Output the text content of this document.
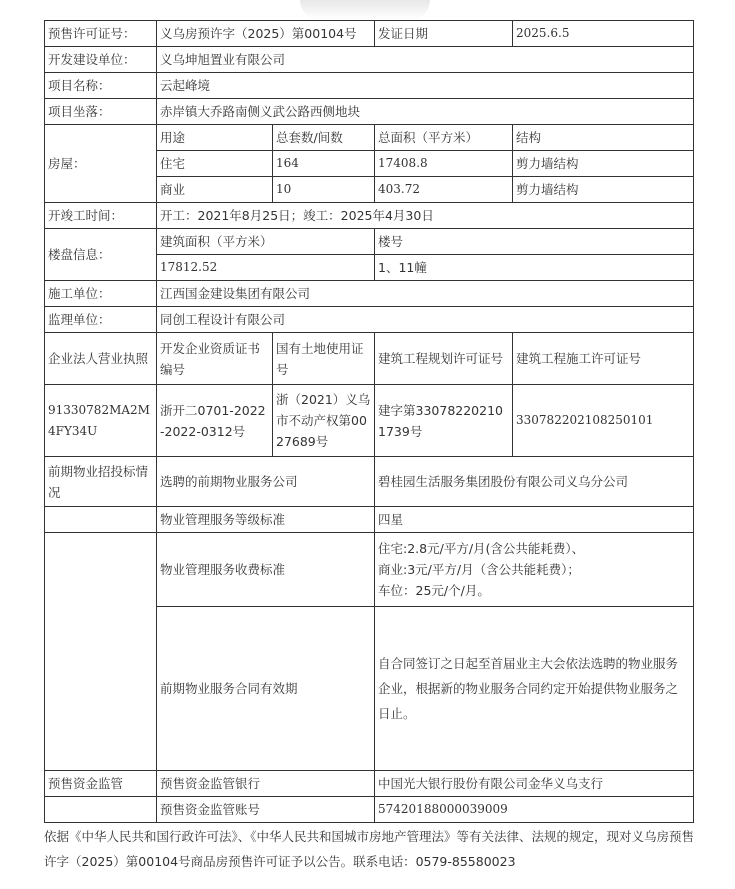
预售许可证号：	义乌房预许字（2025）第00104号		发证日期	2025.6.5
开发建设单位：	义乌坤旭置业有限公司			
项目名称：	云起峰境			
项目坐落：	赤岸镇大乔路南侧义武公路西侧地块			
房屋：	用途	总套数/间数	总面积（平方米）	结构
	住宅	164	17408.8	剪力墙结构
	商业	10	403.72	剪力墙结构
开竣工时间：	开工：2021年8月25日；竣工：2025年4月30日			
楼盘信息：	建筑面积（平方米）		楼号	
	17812.52		1、11幢	
施工单位：	江西国金建设集团有限公司			
监理单位：	同创工程设计有限公司			
企业法人营业执照	开发企业资质证书编号	国有土地使用证号	建筑工程规划许可证号	建筑工程施工许可证号
91330782MA2M4FY34U	浙开二0701-2022-2022-0312号	浙（2021）义乌市不动产权第0027689号	建字第330782202101739号	330782202108250101
前期物业招投标情况	选聘的前期物业服务公司		碧桂园生活服务集团股份有限公司义乌分公司	
	物业管理服务等级标准		四星	
	物业管理服务收费标准		住宅:2.8元/平方/月(含公共能耗费）、
商业:3元/平方/月（含公共能耗费）；
车位：25元/个/月。	

	前期物业服务合同有效期		自合同签订之日起至首届业主大会依法选聘的物业服务企业，根据新的物业服务合同约定开始提供物业服务之日止。	
预售资金监管	预售资金监管银行		中国光大银行股份有限公司金华义乌支行	
	预售资金监管账号		57420188000039009	
依据《中华人民共和国行政许可法》、《中华人民共和国城市房地产管理法》等有关法律、法规的规定，现对义乌房预售许字（2025）第00104号商品房预售许可证予以公告。联系电话：0579-85580023
